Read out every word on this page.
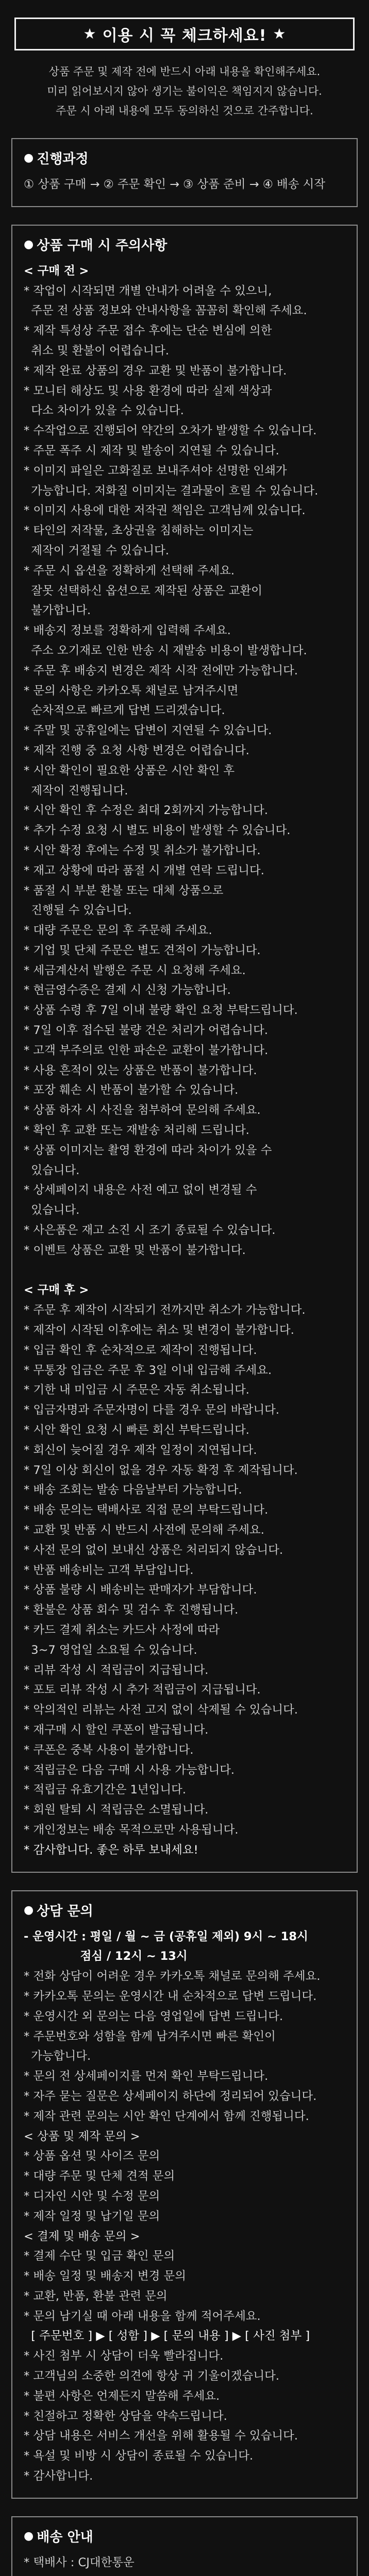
★ 이용 시 꼭 체크하세요! ★

상품 주문 및 제작 전에 반드시 아래 내용을 확인해주세요.

미리 읽어보시지 않아 생기는 불이익은 책임지지 않습니다.

주문 시 아래 내용에 모두 동의하신 것으로 간주합니다.

● 진행과정

① 상품 구매 → ② 주문 확인 → ③ 상품 준비 → ④ 배송 시작

● 상품 구매 시 주의사항

< 구매 전 >

* 작업이 시작되면 개별 안내가 어려울 수 있으니,

주문 전 상품 정보와 안내사항을 꼼꼼히 확인해 주세요.

* 제작 특성상 주문 접수 후에는 단순 변심에 의한

취소 및 환불이 어렵습니다.

* 제작 완료 상품의 경우 교환 및 반품이 불가합니다.

* 모니터 해상도 및 사용 환경에 따라 실제 색상과

다소 차이가 있을 수 있습니다.

* 수작업으로 진행되어 약간의 오차가 발생할 수 있습니다.

* 주문 폭주 시 제작 및 발송이 지연될 수 있습니다.

* 이미지 파일은 고화질로 보내주셔야 선명한 인쇄가

가능합니다. 저화질 이미지는 결과물이 흐릴 수 있습니다.

* 이미지 사용에 대한 저작권 책임은 고객님께 있습니다.

* 타인의 저작물, 초상권을 침해하는 이미지는

제작이 거절될 수 있습니다.

* 주문 시 옵션을 정확하게 선택해 주세요.

잘못 선택하신 옵션으로 제작된 상품은 교환이

불가합니다.

* 배송지 정보를 정확하게 입력해 주세요.

주소 오기재로 인한 반송 시 재발송 비용이 발생합니다.

* 주문 후 배송지 변경은 제작 시작 전에만 가능합니다.

* 문의 사항은 카카오톡 채널로 남겨주시면

순차적으로 빠르게 답변 드리겠습니다.

* 주말 및 공휴일에는 답변이 지연될 수 있습니다.

* 제작 진행 중 요청 사항 변경은 어렵습니다.

* 시안 확인이 필요한 상품은 시안 확인 후

제작이 진행됩니다.

* 시안 확인 후 수정은 최대 2회까지 가능합니다.

* 추가 수정 요청 시 별도 비용이 발생할 수 있습니다.

* 시안 확정 후에는 수정 및 취소가 불가합니다.

* 재고 상황에 따라 품절 시 개별 연락 드립니다.

* 품절 시 부분 환불 또는 대체 상품으로

진행될 수 있습니다.

* 대량 주문은 문의 후 주문해 주세요.

* 기업 및 단체 주문은 별도 견적이 가능합니다.

* 세금계산서 발행은 주문 시 요청해 주세요.

* 현금영수증은 결제 시 신청 가능합니다.

* 상품 수령 후 7일 이내 불량 확인 요청 부탁드립니다.

* 7일 이후 접수된 불량 건은 처리가 어렵습니다.

* 고객 부주의로 인한 파손은 교환이 불가합니다.

* 사용 흔적이 있는 상품은 반품이 불가합니다.

* 포장 훼손 시 반품이 불가할 수 있습니다.

* 상품 하자 시 사진을 첨부하여 문의해 주세요.

* 확인 후 교환 또는 재발송 처리해 드립니다.

* 상품 이미지는 촬영 환경에 따라 차이가 있을 수

있습니다.

* 상세페이지 내용은 사전 예고 없이 변경될 수

있습니다.

* 사은품은 재고 소진 시 조기 종료될 수 있습니다.

* 이벤트 상품은 교환 및 반품이 불가합니다.

< 구매 후 >

* 주문 후 제작이 시작되기 전까지만 취소가 가능합니다.

* 제작이 시작된 이후에는 취소 및 변경이 불가합니다.

* 입금 확인 후 순차적으로 제작이 진행됩니다.

* 무통장 입금은 주문 후 3일 이내 입금해 주세요.

* 기한 내 미입금 시 주문은 자동 취소됩니다.

* 입금자명과 주문자명이 다를 경우 문의 바랍니다.

* 시안 확인 요청 시 빠른 회신 부탁드립니다.

* 회신이 늦어질 경우 제작 일정이 지연됩니다.

* 7일 이상 회신이 없을 경우 자동 확정 후 제작됩니다.

* 배송 조회는 발송 다음날부터 가능합니다.

* 배송 문의는 택배사로 직접 문의 부탁드립니다.

* 교환 및 반품 시 반드시 사전에 문의해 주세요.

* 사전 문의 없이 보내신 상품은 처리되지 않습니다.

* 반품 배송비는 고객 부담입니다.

* 상품 불량 시 배송비는 판매자가 부담합니다.

* 환불은 상품 회수 및 검수 후 진행됩니다.

* 카드 결제 취소는 카드사 사정에 따라

3~7 영업일 소요될 수 있습니다.

* 리뷰 작성 시 적립금이 지급됩니다.

* 포토 리뷰 작성 시 추가 적립금이 지급됩니다.

* 악의적인 리뷰는 사전 고지 없이 삭제될 수 있습니다.

* 재구매 시 할인 쿠폰이 발급됩니다.

* 쿠폰은 중복 사용이 불가합니다.

* 적립금은 다음 구매 시 사용 가능합니다.

* 적립금 유효기간은 1년입니다.

* 회원 탈퇴 시 적립금은 소멸됩니다.

* 개인정보는 배송 목적으로만 사용됩니다.

* 감사합니다. 좋은 하루 보내세요!

● 상담 문의

- 운영시간 : 평일 / 월 ~ 금 (공휴일 제외) 9시 ~ 18시

점심 / 12시 ~ 13시

* 전화 상담이 어려운 경우 카카오톡 채널로 문의해 주세요.

* 카카오톡 문의는 운영시간 내 순차적으로 답변 드립니다.

* 운영시간 외 문의는 다음 영업일에 답변 드립니다.

* 주문번호와 성함을 함께 남겨주시면 빠른 확인이

가능합니다.

* 문의 전 상세페이지를 먼저 확인 부탁드립니다.

* 자주 묻는 질문은 상세페이지 하단에 정리되어 있습니다.

* 제작 관련 문의는 시안 확인 단계에서 함께 진행됩니다.

< 상품 및 제작 문의 >

* 상품 옵션 및 사이즈 문의

* 대량 주문 및 단체 견적 문의

* 디자인 시안 및 수정 문의

* 제작 일정 및 납기일 문의

< 결제 및 배송 문의 >

* 결제 수단 및 입금 확인 문의

* 배송 일정 및 배송지 변경 문의

* 교환, 반품, 환불 관련 문의

* 문의 남기실 때 아래 내용을 함께 적어주세요.

[ 주문번호 ] ▶ [ 성함 ] ▶ [ 문의 내용 ] ▶ [ 사진 첨부 ]

* 사진 첨부 시 상담이 더욱 빨라집니다.

* 고객님의 소중한 의견에 항상 귀 기울이겠습니다.

* 불편 사항은 언제든지 말씀해 주세요.

* 친절하고 정확한 상담을 약속드립니다.

* 상담 내용은 서비스 개선을 위해 활용될 수 있습니다.

* 욕설 및 비방 시 상담이 종료될 수 있습니다.

* 감사합니다.

● 배송 안내

* 택배사 : CJ대한통운
